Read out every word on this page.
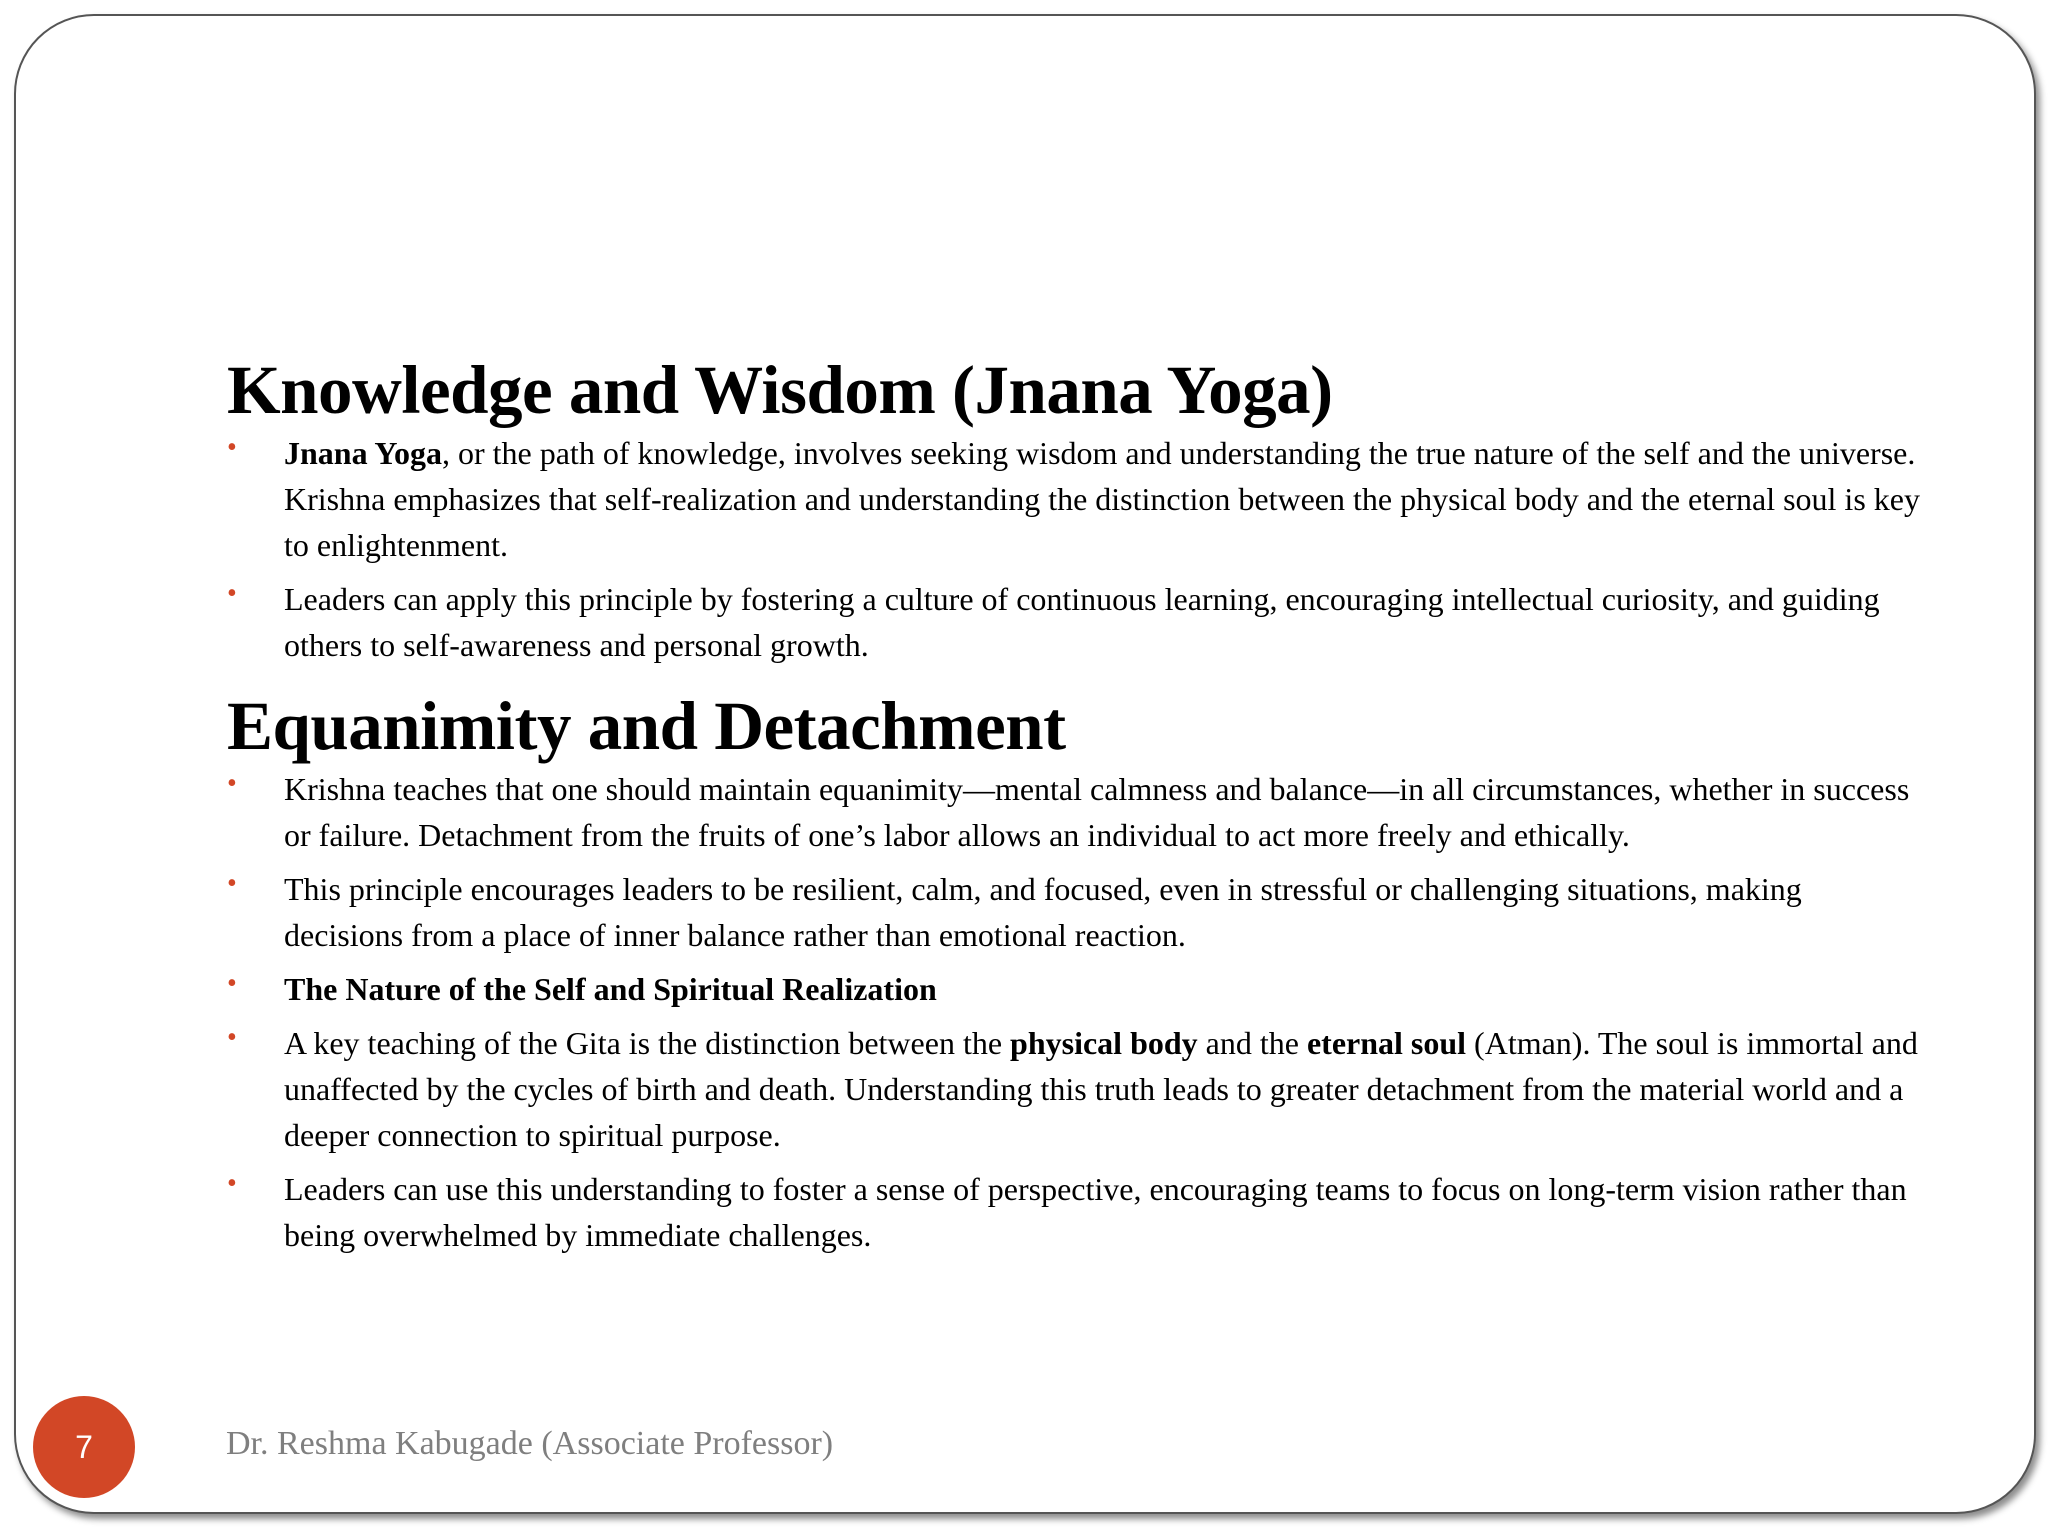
Knowledge and Wisdom (Jnana Yoga)
• Jnana Yoga, or the path of knowledge, involves seeking wisdom and understanding the true nature of the self and the universe. Krishna emphasizes that self-realization and understanding the distinction between the physical body and the eternal soul is key to enlightenment.
• Leaders can apply this principle by fostering a culture of continuous learning, encouraging intellectual curiosity, and guiding others to self-awareness and personal growth.
Equanimity and Detachment
• Krishna teaches that one should maintain equanimity—mental calmness and balance—in all circumstances, whether in success or failure. Detachment from the fruits of one’s labor allows an individual to act more freely and ethically.
• This principle encourages leaders to be resilient, calm, and focused, even in stressful or challenging situations, making decisions from a place of inner balance rather than emotional reaction.
• The Nature of the Self and Spiritual Realization
• A key teaching of the Gita is the distinction between the physical body and the eternal soul (Atman). The soul is immortal and unaffected by the cycles of birth and death. Understanding this truth leads to greater detachment from the material world and a deeper connection to spiritual purpose.
• Leaders can use this understanding to foster a sense of perspective, encouraging teams to focus on long-term vision rather than being overwhelmed by immediate challenges.
7	Dr. Reshma Kabugade (Associate Professor)
